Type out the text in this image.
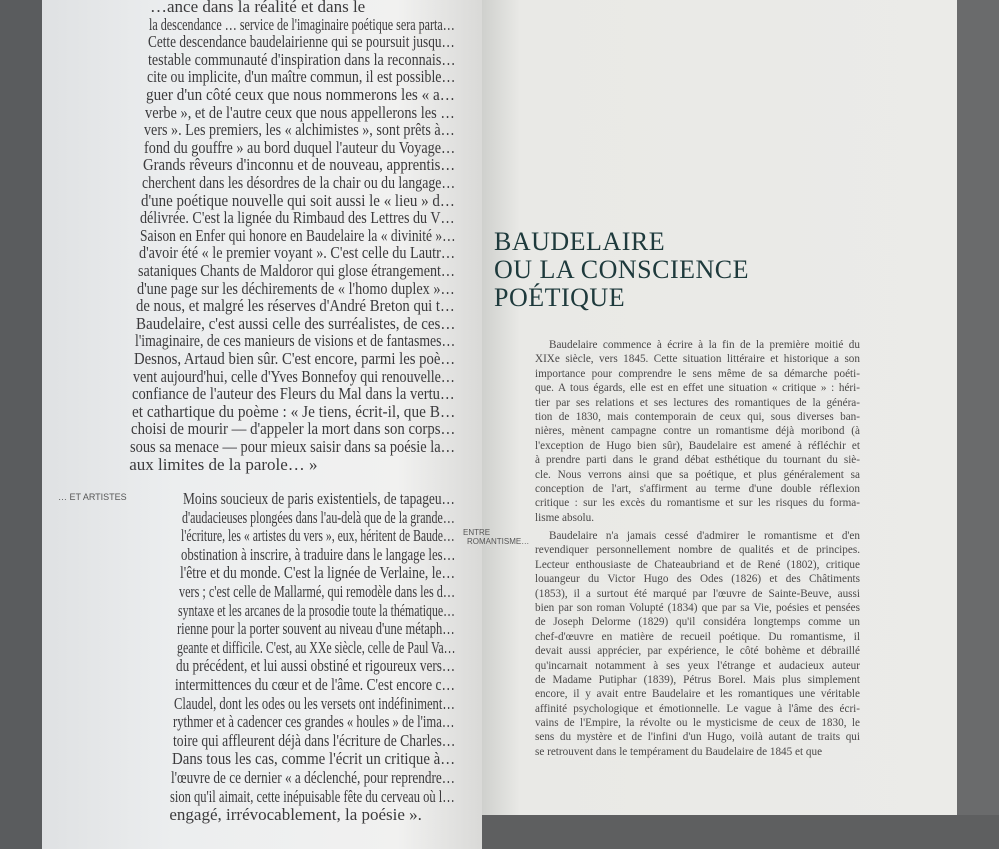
…ance dans la réalité et dans le
la descendance … service de l'imaginaire poétique sera parta…
Cette descendance baudelairienne qui se poursuit jusqu…
testable communauté d'inspiration dans la reconnais…
cite ou implicite, d'un maître commun, il est possible…
guer d'un côté ceux que nous nommerons les « a…
verbe », et de l'autre ceux que nous appellerons les …
vers ». Les premiers, les « alchimistes », sont prêts à…
fond du gouffre » au bord duquel l'auteur du Voyage…
Grands rêveurs d'inconnu et de nouveau, apprentis…
cherchent dans les désordres de la chair ou du langage…
d'une poétique nouvelle qui soit aussi le « lieu » d…
délivrée. C'est la lignée du Rimbaud des Lettres du V…
Saison en Enfer qui honore en Baudelaire la « divinité »…
d'avoir été « le premier voyant ». C'est celle du Lautr…
sataniques Chants de Maldoror qui glose étrangement…
d'une page sur les déchirements de « l'homo duplex »…
de nous, et malgré les réserves d'André Breton qui t…
Baudelaire, c'est aussi celle des surréalistes, de ces…
l'imaginaire, de ces manieurs de visions et de fantasmes…
Desnos, Artaud bien sûr. C'est encore, parmi les poè…
vent aujourd'hui, celle d'Yves Bonnefoy qui renouvelle…
confiance de l'auteur des Fleurs du Mal dans la vertu…
et cathartique du poème : « Je tiens, écrit-il, que B…
choisi de mourir — d'appeler la mort dans son corps…
sous sa menace — pour mieux saisir dans sa poésie la…
aux limites de la parole… »
… ET ARTISTES	Moins soucieux de paris existentiels, de tapageu…
d'audacieuses plongées dans l'au-delà que de la grande…
l'écriture, les « artistes du vers », eux, héritent de Baude…
obstination à inscrire, à traduire dans le langage les…
l'être et du monde. C'est la lignée de Verlaine, le…
vers ; c'est celle de Mallarmé, qui remodèle dans les d…
syntaxe et les arcanes de la prosodie toute la thématique…
rienne pour la porter souvent au niveau d'une métaph…
geante et difficile. C'est, au XXe siècle, celle de Paul Va…
du précédent, et lui aussi obstiné et rigoureux vers…
intermittences du cœur et de l'âme. C'est encore c…
Claudel, dont les odes ou les versets ont indéfiniment…
rythmer et à cadencer ces grandes « houles » de l'ima…
toire qui affleurent déjà dans l'écriture de Charles…
Dans tous les cas, comme l'écrit un critique à…
l'œuvre de ce dernier « a déclenché, pour reprendre…
sion qu'il aimait, cette inépuisable fête du cerveau où l…
engagé, irrévocablement, la poésie ».
BAUDELAIRE
OU LA CONSCIENCE
POÉTIQUE
Baudelaire commence à écrire à la fin de la première moitié du
XIXe siècle, vers 1845. Cette situation littéraire et historique a son
importance pour comprendre le sens même de sa démarche poéti-
que. A tous égards, elle est en effet une situation « critique » : héri-
tier par ses relations et ses lectures des romantiques de la généra-
tion de 1830, mais contemporain de ceux qui, sous diverses ban-
nières, mènent campagne contre un romantisme déjà moribond (à
l'exception de Hugo bien sûr), Baudelaire est amené à réfléchir et
à prendre parti dans le grand débat esthétique du tournant du siè-
cle. Nous verrons ainsi que sa poétique, et plus généralement sa
conception de l'art, s'affirment au terme d'une double réflexion
critique : sur les excès du romantisme et sur les risques du forma-
lisme absolu.
ENTRE
ROMANTISME…	Baudelaire n'a jamais cessé d'admirer le romantisme et d'en
revendiquer personnellement nombre de qualités et de principes.
Lecteur enthousiaste de Chateaubriand et de René (1802), critique
louangeur du Victor Hugo des Odes (1826) et des Châtiments
(1853), il a surtout été marqué par l'œuvre de Sainte-Beuve, aussi
bien par son roman Volupté (1834) que par sa Vie, poésies et pensées
de Joseph Delorme (1829) qu'il considéra longtemps comme un
chef-d'œuvre en matière de recueil poétique. Du romantisme, il
devait aussi apprécier, par expérience, le côté bohème et débraillé
qu'incarnait notamment à ses yeux l'étrange et audacieux auteur
de Madame Putiphar (1839), Pétrus Borel. Mais plus simplement
encore, il y avait entre Baudelaire et les romantiques une véritable
affinité psychologique et émotionnelle. Le vague à l'âme des écri-
vains de l'Empire, la révolte ou le mysticisme de ceux de 1830, le
sens du mystère et de l'infini d'un Hugo, voilà autant de traits qui
se retrouvent dans le tempérament du Baudelaire de 1845 et que
